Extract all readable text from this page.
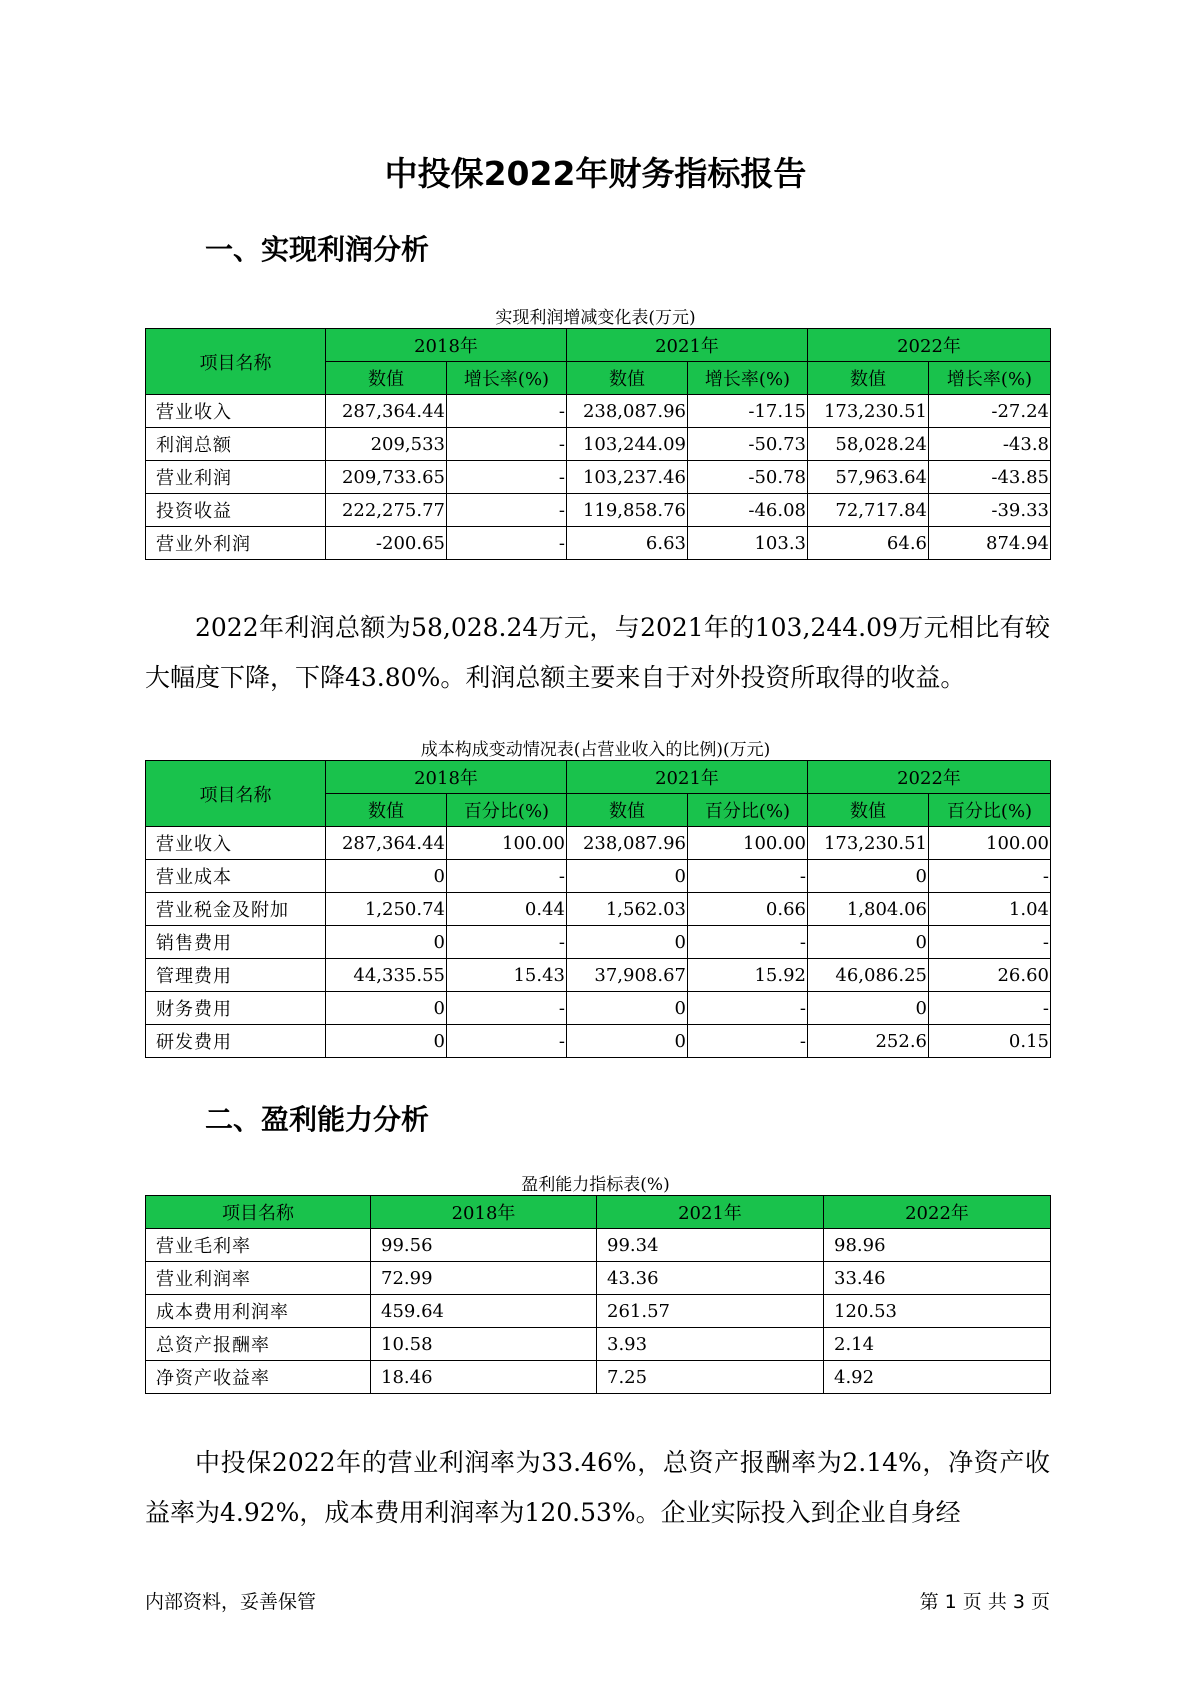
中投保2022年财务指标报告
一、实现利润分析
实现利润增减变化表(万元)
项目名称	2018年		2021年		2022年	
	数值	增长率(%)	数值	增长率(%)	数值	增长率(%)
营业收入	287,364.44	-	238,087.96	-17.15	173,230.51	-27.24
利润总额	209,533	-	103,244.09	-50.73	58,028.24	-43.8
营业利润	209,733.65	-	103,237.46	-50.78	57,963.64	-43.85
投资收益	222,275.77	-	119,858.76	-46.08	72,717.84	-39.33
营业外利润	-200.65	-	6.63	103.3	64.6	874.94

2022年利润总额为58,028.24万元，与2021年的103,244.09万元相比有较大幅度下降，下降43.80%。利润总额主要来自于对外投资所取得的收益。

成本构成变动情况表(占营业收入的比例)(万元)
项目名称	2018年		2021年		2022年	
	数值	百分比(%)	数值	百分比(%)	数值	百分比(%)
营业收入	287,364.44	100.00	238,087.96	100.00	173,230.51	100.00
营业成本	0	-	0	-	0	-
营业税金及附加	1,250.74	0.44	1,562.03	0.66	1,804.06	1.04
销售费用	0	-	0	-	0	-
管理费用	44,335.55	15.43	37,908.67	15.92	46,086.25	26.60
财务费用	0	-	0	-	0	-
研发费用	0	-	0	-	252.6	0.15
二、盈利能力分析
盈利能力指标表(%)
项目名称	2018年	2021年	2022年
营业毛利率	99.56	99.34	98.96
营业利润率	72.99	43.36	33.46
成本费用利润率	459.64	261.57	120.53
总资产报酬率	10.58	3.93	2.14
净资产收益率	18.46	7.25	4.92

中投保2022年的营业利润率为33.46%，总资产报酬率为2.14%，净资产收益率为4.92%，成本费用利润率为120.53%。企业实际投入到企业自身经

内部资料，妥善保管	第 1 页 共 3 页
